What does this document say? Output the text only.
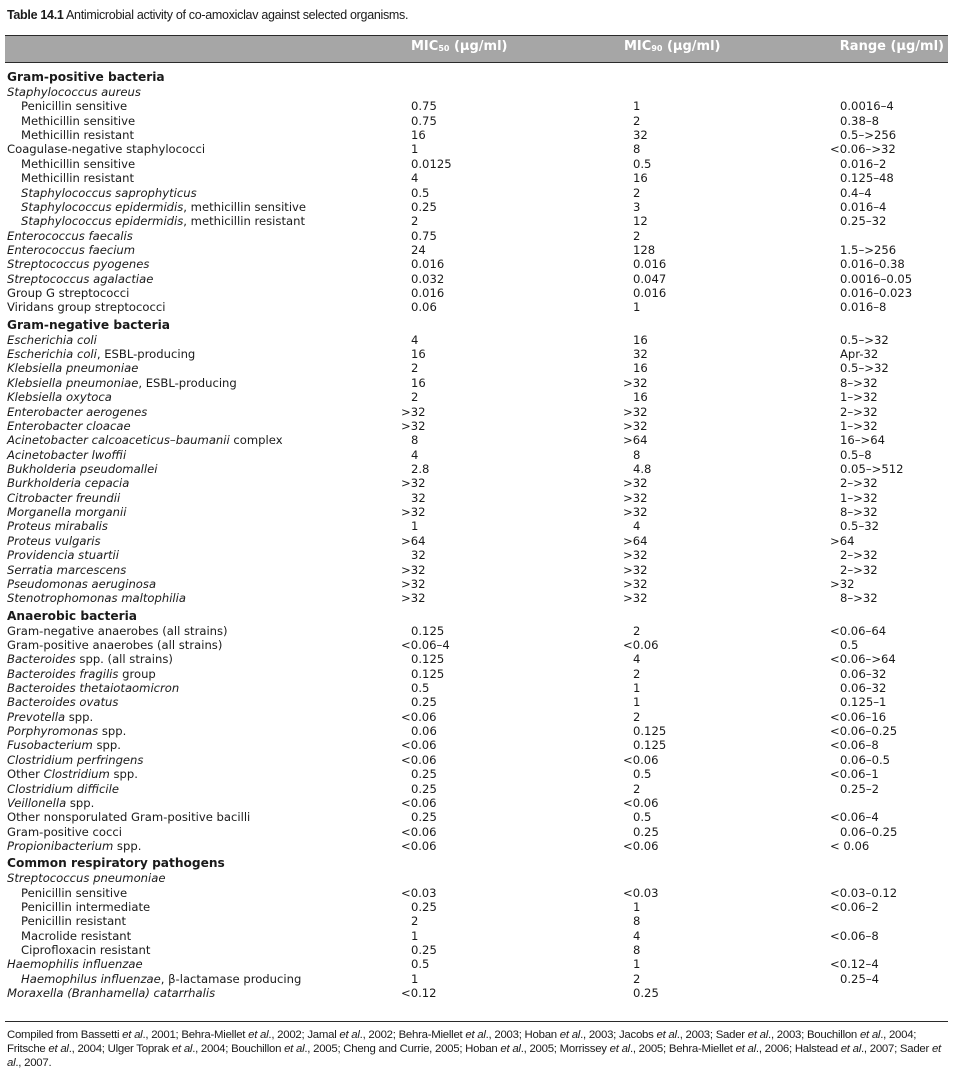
Table 14.1 Antimicrobial activity of co-amoxiclav against selected organisms.
$MIC_{50}$ (µg/ml)	$MIC_{90}$ (µg/ml)	Range (µg/ml)
Gram-positive bacteria
Staphylococcus aureus
Penicillin sensitive	0.75	1	0.0016–4
Methicillin sensitive	0.75	2	0.38–8
Methicillin resistant	16	32	0.5–>256
Coagulase-negative staphylococci	1	8	<0.06–>32
Methicillin sensitive	0.0125	0.5	0.016–2
Methicillin resistant	4	16	0.125–48
Staphylococcus saprophyticus	0.5	2	0.4–4
Staphylococcus epidermidis, methicillin sensitive	0.25	3	0.016–4
Staphylococcus epidermidis, methicillin resistant	2	12	0.25–32
Enterococcus faecalis	0.75	2
Enterococcus faecium	24	128	1.5–>256
Streptococcus pyogenes	0.016	0.016	0.016–0.38
Streptococcus agalactiae	0.032	0.047	0.0016–0.05
Group G streptococci	0.016	0.016	0.016–0.023
Viridans group streptococci	0.06	1	0.016–8
Gram-negative bacteria
Escherichia coli	4	16	0.5–>32
Escherichia coli, ESBL-producing	16	32	Apr-32
Klebsiella pneumoniae	2	16	0.5–>32
Klebsiella pneumoniae, ESBL-producing	16	>32	8–>32
Klebsiella oxytoca	2	16	1–>32
Enterobacter aerogenes	>32	>32	2–>32
Enterobacter cloacae	>32	>32	1–>32
Acinetobacter calcoaceticus–baumanii complex	8	>64	16–>64
Acinetobacter lwoffii	4	8	0.5–8
Bukholderia pseudomallei	2.8	4.8	0.05–>512
Burkholderia cepacia	>32	>32	2–>32
Citrobacter freundii	32	>32	1–>32
Morganella morganii	>32	>32	8–>32
Proteus mirabalis	1	4	0.5–32
Proteus vulgaris	>64	>64	>64
Providencia stuartii	32	>32	2–>32
Serratia marcescens	>32	>32	2–>32
Pseudomonas aeruginosa	>32	>32	>32
Stenotrophomonas maltophilia	>32	>32	8–>32
Anaerobic bacteria
Gram-negative anaerobes (all strains)	0.125	2	<0.06–64
Gram-positive anaerobes (all strains)	<0.06–4	<0.06	0.5
Bacteroides spp. (all strains)	0.125	4	<0.06–>64
Bacteroides fragilis group	0.125	2	0.06–32
Bacteroides thetaiotaomicron	0.5	1	0.06–32
Bacteroides ovatus	0.25	1	0.125–1
Prevotella spp.	<0.06	2	<0.06–16
Porphyromonas spp.	0.06	0.125	<0.06–0.25
Fusobacterium spp.	<0.06	0.125	<0.06–8
Clostridium perfringens	<0.06	<0.06	0.06–0.5
Other Clostridium spp.	0.25	0.5	<0.06–1
Clostridium difficile	0.25	2	0.25–2
Veillonella spp.	<0.06	<0.06
Other nonsporulated Gram-positive bacilli	0.25	0.5	<0.06–4
Gram-positive cocci	<0.06	0.25	0.06–0.25
Propionibacterium spp.	<0.06	<0.06	< 0.06
Common respiratory pathogens
Streptococcus pneumoniae
Penicillin sensitive	<0.03	<0.03	<0.03–0.12
Penicillin intermediate	0.25	1	<0.06–2
Penicillin resistant	2	8
Macrolide resistant	1	4	<0.06–8
Ciprofloxacin resistant	0.25	8
Haemophilis influenzae	0.5	1	<0.12–4
Haemophilus influenzae, β-lactamase producing	1	2	0.25–4
Moraxella (Branhamella) catarrhalis	<0.12	0.25
Compiled from Bassetti et al., 2001; Behra-Miellet et al., 2002; Jamal et al., 2002; Behra-Miellet et al., 2003; Hoban et al., 2003; Jacobs et al., 2003; Sader et al., 2003; Bouchillon et al., 2004; Fritsche et al., 2004; Ulger Toprak et al., 2004; Bouchillon et al., 2005; Cheng and Currie, 2005; Hoban et al., 2005; Morrissey et al., 2005; Behra-Miellet et al., 2006; Halstead et al., 2007; Sader et al., 2007.
